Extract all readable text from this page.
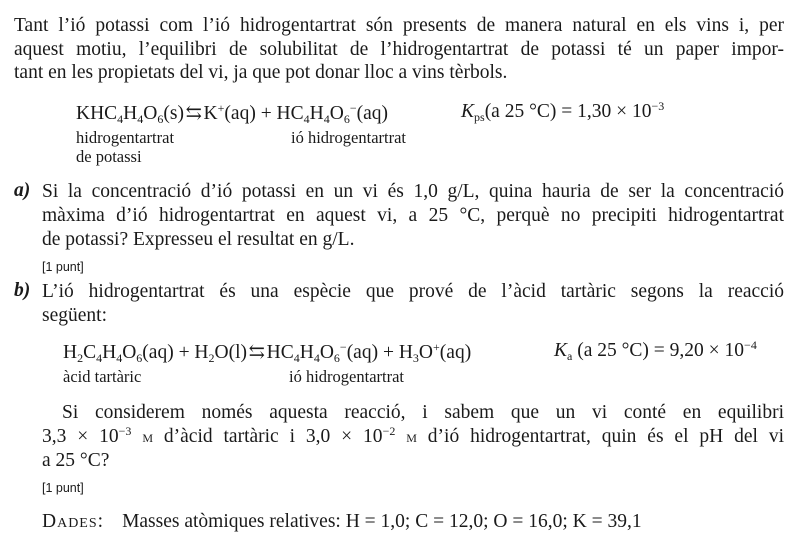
Tant l’ió potassi com l’ió hidrogentartrat són presents de manera natural en els vins i, per
aquest motiu, l’equilibri de solubilitat de l’hidrogentartrat de potassi té un paper impor-
tant en les propietats del vi, ja que pot donar lloc a vins tèrbols.
$KHC_4H_4O_6(s)$ ⇆ $K^+(aq) + HC_4H_4O_6^-(aq)$	$K_{ps}(a$ 25 $^\circ C) = 1,30 \times 10^{-3}$
hidrogentartrat
de potassi
ió hidrogentartrat
a) Si la concentració d’ió potassi en un vi és 1,0 g/L, quina hauria de ser la concentració
màxima d’ió hidrogentartrat en aquest vi, a 25 °C, perquè no precipiti hidrogentartrat
de potassi? Expresseu el resultat en g/L.
[1 punt]
b) L’ió hidrogentartrat és una espècie que prové de l’àcid tartàric segons la reacció
següent:
$H_2C_4H_4O_6(aq) + H_2O(l)$ ⇆ $HC_4H_4O_6^-(aq) + H_3O^+(aq)$	$K_a$ (a 25 $^\circ C) = 9,20 \times 10^{-4}$
àcid tartàric	ió hidrogentartrat
Si considerem només aquesta reacció, i sabem que un vi conté en equilibri
$3,3 \times 10^{-3}$ m d’àcid tartàric i $3,0 \times 10^{-2}$ m d’ió hidrogentartrat, quin és el pH del vi
a 25 °C?
[1 punt]
Dades: Masses atòmiques relatives: H = 1,0; C = 12,0; O = 16,0; K = 39,1
